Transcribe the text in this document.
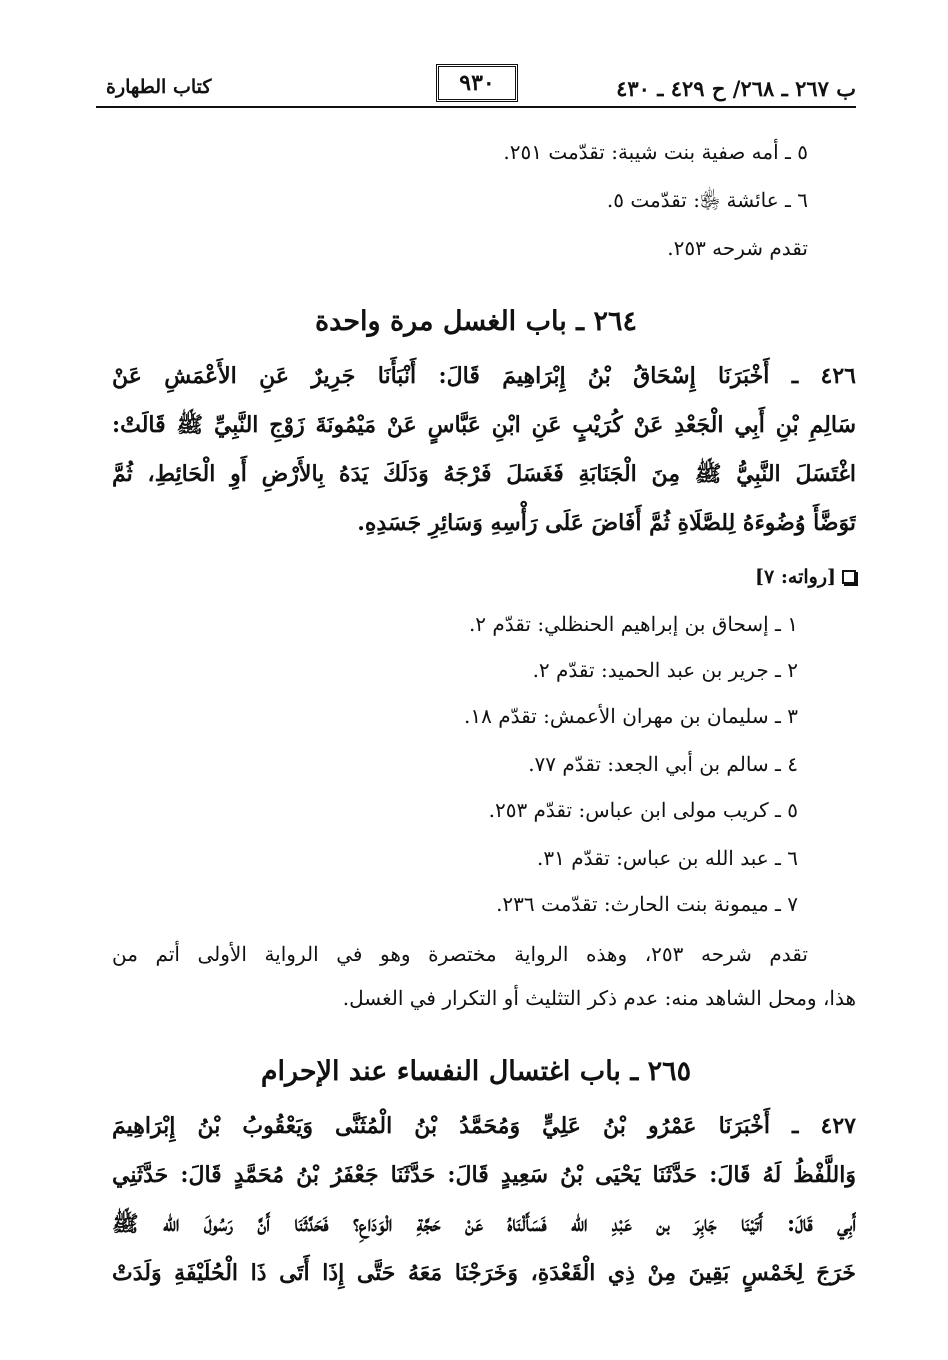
ب ٢٦٧ ـ ٢٦٨/ ح ٤٢٩ ـ ٤٣٠
٩٣٠
كتاب الطهارة
٥ ـ أمه صفية بنت شيبة: تقدّمت ٢٥١.
٦ ـ عائشة ﵂: تقدّمت ٥.
تقدم شرحه ٢٥٣.
٢٦٤ ـ باب الغسل مرة واحدة
٤٢٦ ـ أَخْبَرَنَا إِسْحَاقُ بْنُ إِبْرَاهِيمَ قَالَ: أَنْبَأَنَا جَرِيرٌ عَنِ الأَعْمَشِ عَنْ
سَالِمِ بْنِ أَبِي الْجَعْدِ عَنْ كُرَيْبٍ عَنِ ابْنِ عَبَّاسٍ عَنْ مَيْمُونَةَ زَوْجِ النَّبِيِّ ﷺ قَالَتْ:
اغْتَسَلَ النَّبِيُّ ﷺ مِنَ الْجَنَابَةِ فَغَسَلَ فَرْجَهُ وَدَلَكَ يَدَهُ بِالأَرْضِ أَوِ الْحَائِطِ، ثُمَّ
تَوَضَّأَ وُضُوءَهُ لِلصَّلَاةِ ثُمَّ أَفَاضَ عَلَى رَأْسِهِ وَسَائِرِ جَسَدِهِ.
[رواته: ٧]
١ ـ إسحاق بن إبراهيم الحنظلي: تقدّم ٢.
٢ ـ جرير بن عبد الحميد: تقدّم ٢.
٣ ـ سليمان بن مهران الأعمش: تقدّم ١٨.
٤ ـ سالم بن أبي الجعد: تقدّم ٧٧.
٥ ـ كريب مولى ابن عباس: تقدّم ٢٥٣.
٦ ـ عبد الله بن عباس: تقدّم ٣١.
٧ ـ ميمونة بنت الحارث: تقدّمت ٢٣٦.
تقدم شرحه ٢٥٣، وهذه الرواية مختصرة وهو في الرواية الأولى أتم من
هذا، ومحل الشاهد منه: عدم ذكر التثليث أو التكرار في الغسل.
٢٦٥ ـ باب اغتسال النفساء عند الإحرام
٤٢٧ ـ أَخْبَرَنَا عَمْرُو بْنُ عَلِيٍّ وَمُحَمَّدُ بْنُ الْمُثَنَّى وَيَعْقُوبُ بْنُ إِبْرَاهِيمَ
وَاللَّفْظُ لَهُ قَالَ: حَدَّثَنَا يَحْيَى بْنُ سَعِيدٍ قَالَ: حَدَّثَنَا جَعْفَرُ بْنُ مُحَمَّدٍ قَالَ: حَدَّثَنِي
أَبِي قَالَ: أَتَيْنَا جَابِرَ بن عَبْدِ الله فَسَأَلْنَاهُ عَنْ حَجَّةِ الْوَدَاعِ؟ فَحَدَّثَنَا أَنَّ رَسُولَ الله ﷺ
خَرَجَ لِخَمْسٍ بَقِينَ مِنْ ذِي الْقَعْدَةِ، وَخَرَجْنَا مَعَهُ حَتَّى إِذَا أَتَى ذَا الْحُلَيْفَةِ وَلَدَتْ
